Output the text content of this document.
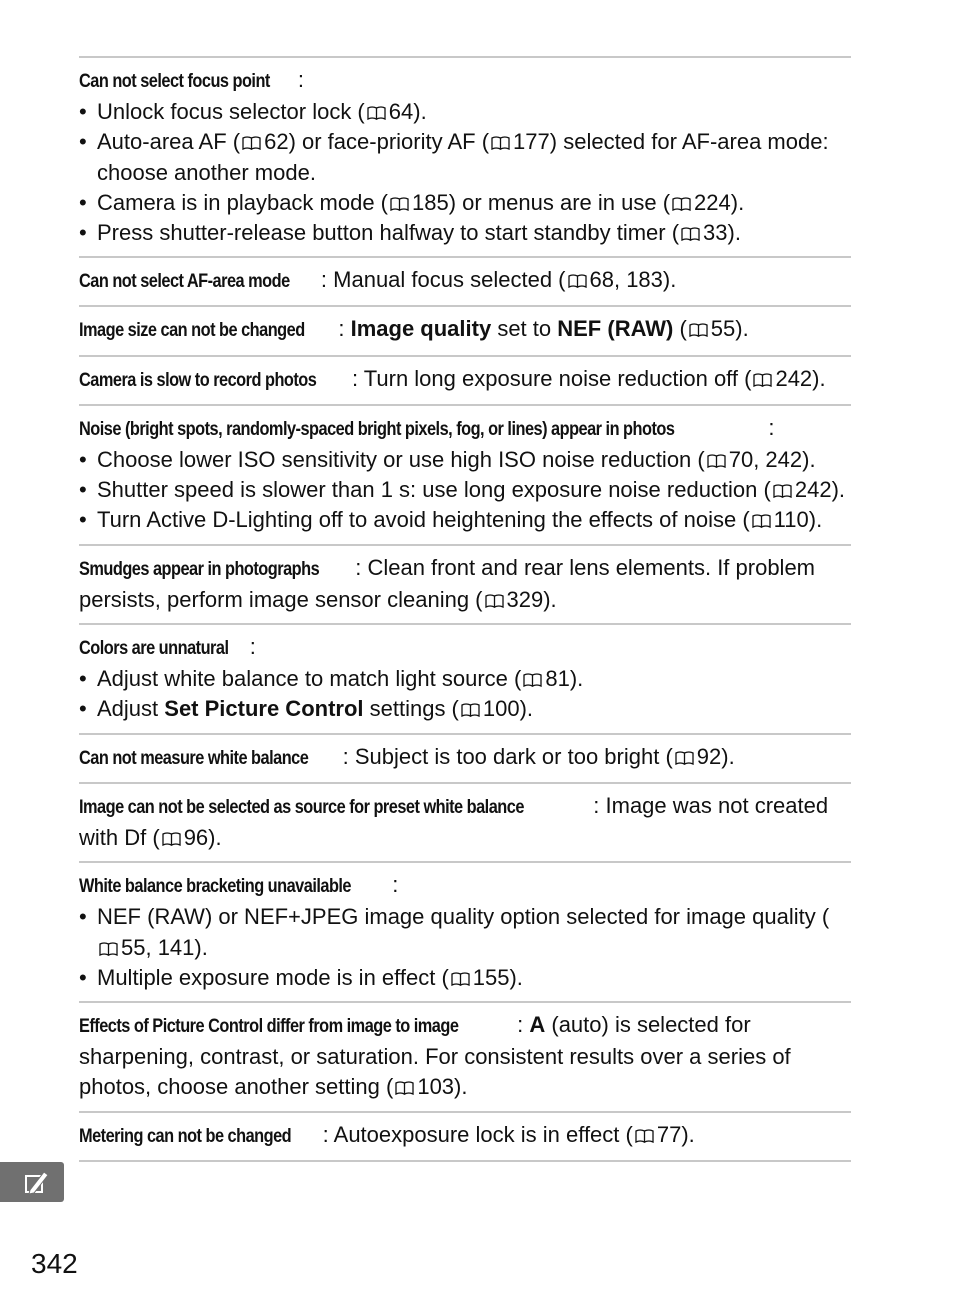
Can not select focus point :
• Unlock focus selector lock ( 64).
• Auto-area AF ( 62) or face-priority AF ( 177) selected for AF-area mode: choose another mode.
• Camera is in playback mode ( 185) or menus are in use ( 224).
• Press shutter-release button halfway to start standby timer ( 33).

Can not select AF-area mode : Manual focus selected ( 68, 183).

Image size can not be changed : Image quality set to NEF (RAW) ( 55).

Camera is slow to record photos : Turn long exposure noise reduction off ( 242).

Noise (bright spots, randomly-spaced bright pixels, fog, or lines) appear in photos	:
• Choose lower ISO sensitivity or use high ISO noise reduction ( 70, 242).
• Shutter speed is slower than 1 s: use long exposure noise reduction ( 242).
• Turn Active D-Lighting off to avoid heightening the effects of noise ( 110).

Smudges appear in photographs : Clean front and rear lens elements. If problem persists, perform image sensor cleaning ( 329).

Colors are unnatural :
• Adjust white balance to match light source ( 81).
• Adjust Set Picture Control settings ( 100).

Can not measure white balance : Subject is too dark or too bright ( 92).

Image can not be selected as source for preset white balance	: Image was not created with Df ( 96).

White balance bracketing unavailable :
• NEF (RAW) or NEF+JPEG image quality option selected for image quality (
55, 141).
• Multiple exposure mode is in effect ( 155).

Effects of Picture Control differ from image to image	: A (auto) is selected for sharpening, contrast, or saturation. For consistent results over a series of photos, choose another setting ( 103).

Metering can not be changed : Autoexposure lock is in effect ( 77).

342
